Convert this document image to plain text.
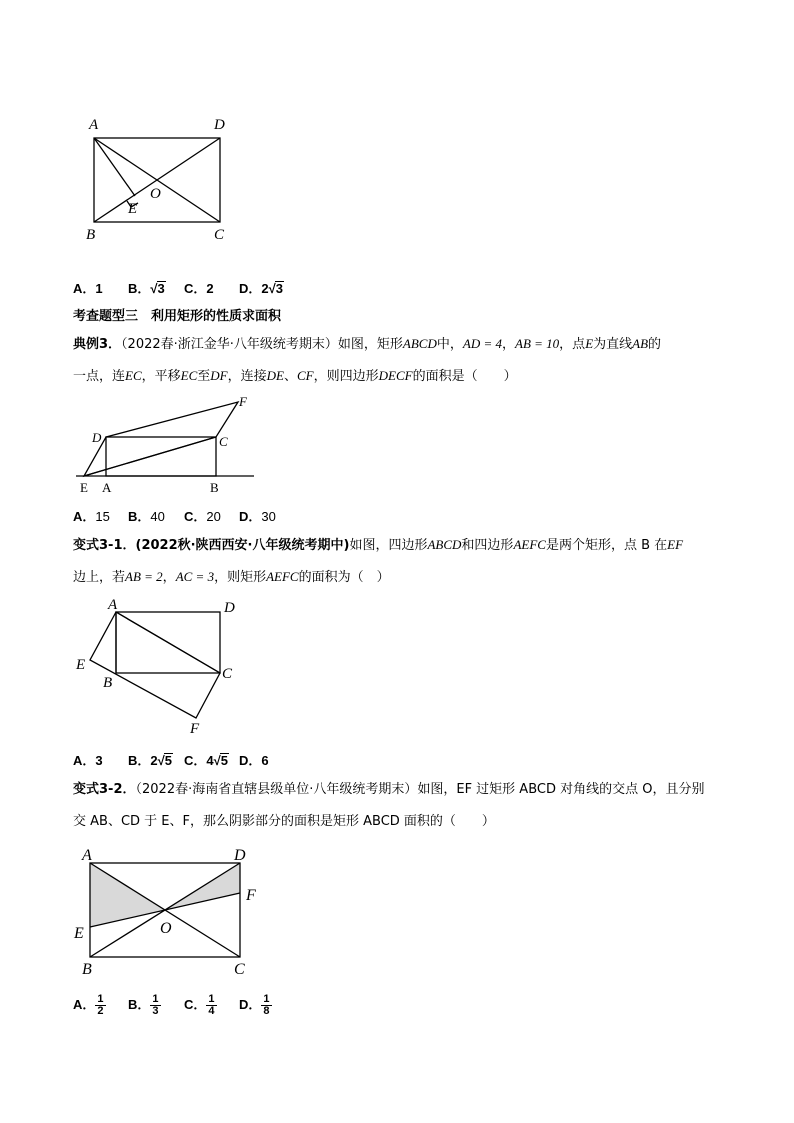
A	D
B	C
E
O
A．1 B．√3 C．2 D．2√3
考查题型三　 利用矩形的性质求面积
典例3．（2022春·浙江金华·八年级统考期末）如图，矩形ABCD中，AD = 4，AB = 10，点E为直线AB的
一点，连EC，平移EC至DF，连接DE、CF，则四边形DECF的面积是（　　）
F
D	C
E A	B
A．15 B．40 C．20 D．30
变式3-1．(2022秋·陕西西安·八年级统考期中)如图，四边形ABCD和四边形AEFC是两个矩形，点 B 在EF
边上，若AB = 2，AC = 3，则矩形AEFC的面积为（　）
A	D
E
B
C
F
A．3 B．2√5 C．4√5 D．6
变式3-2．（2022春·海南省直辖县级单位·八年级统考期末）如图，EF 过矩形 ABCD 对角线的交点 O，且分别
交 AB、CD 于 E、F，那么阴影部分的面积是矩形 ABCD 面积的（　　）
A	D
F
E	O
B	C
A． $\frac{1}{2}$ B． $\frac{1}{3}$ C． $\frac{1}{4}$ D． $\frac{1}{8}$
